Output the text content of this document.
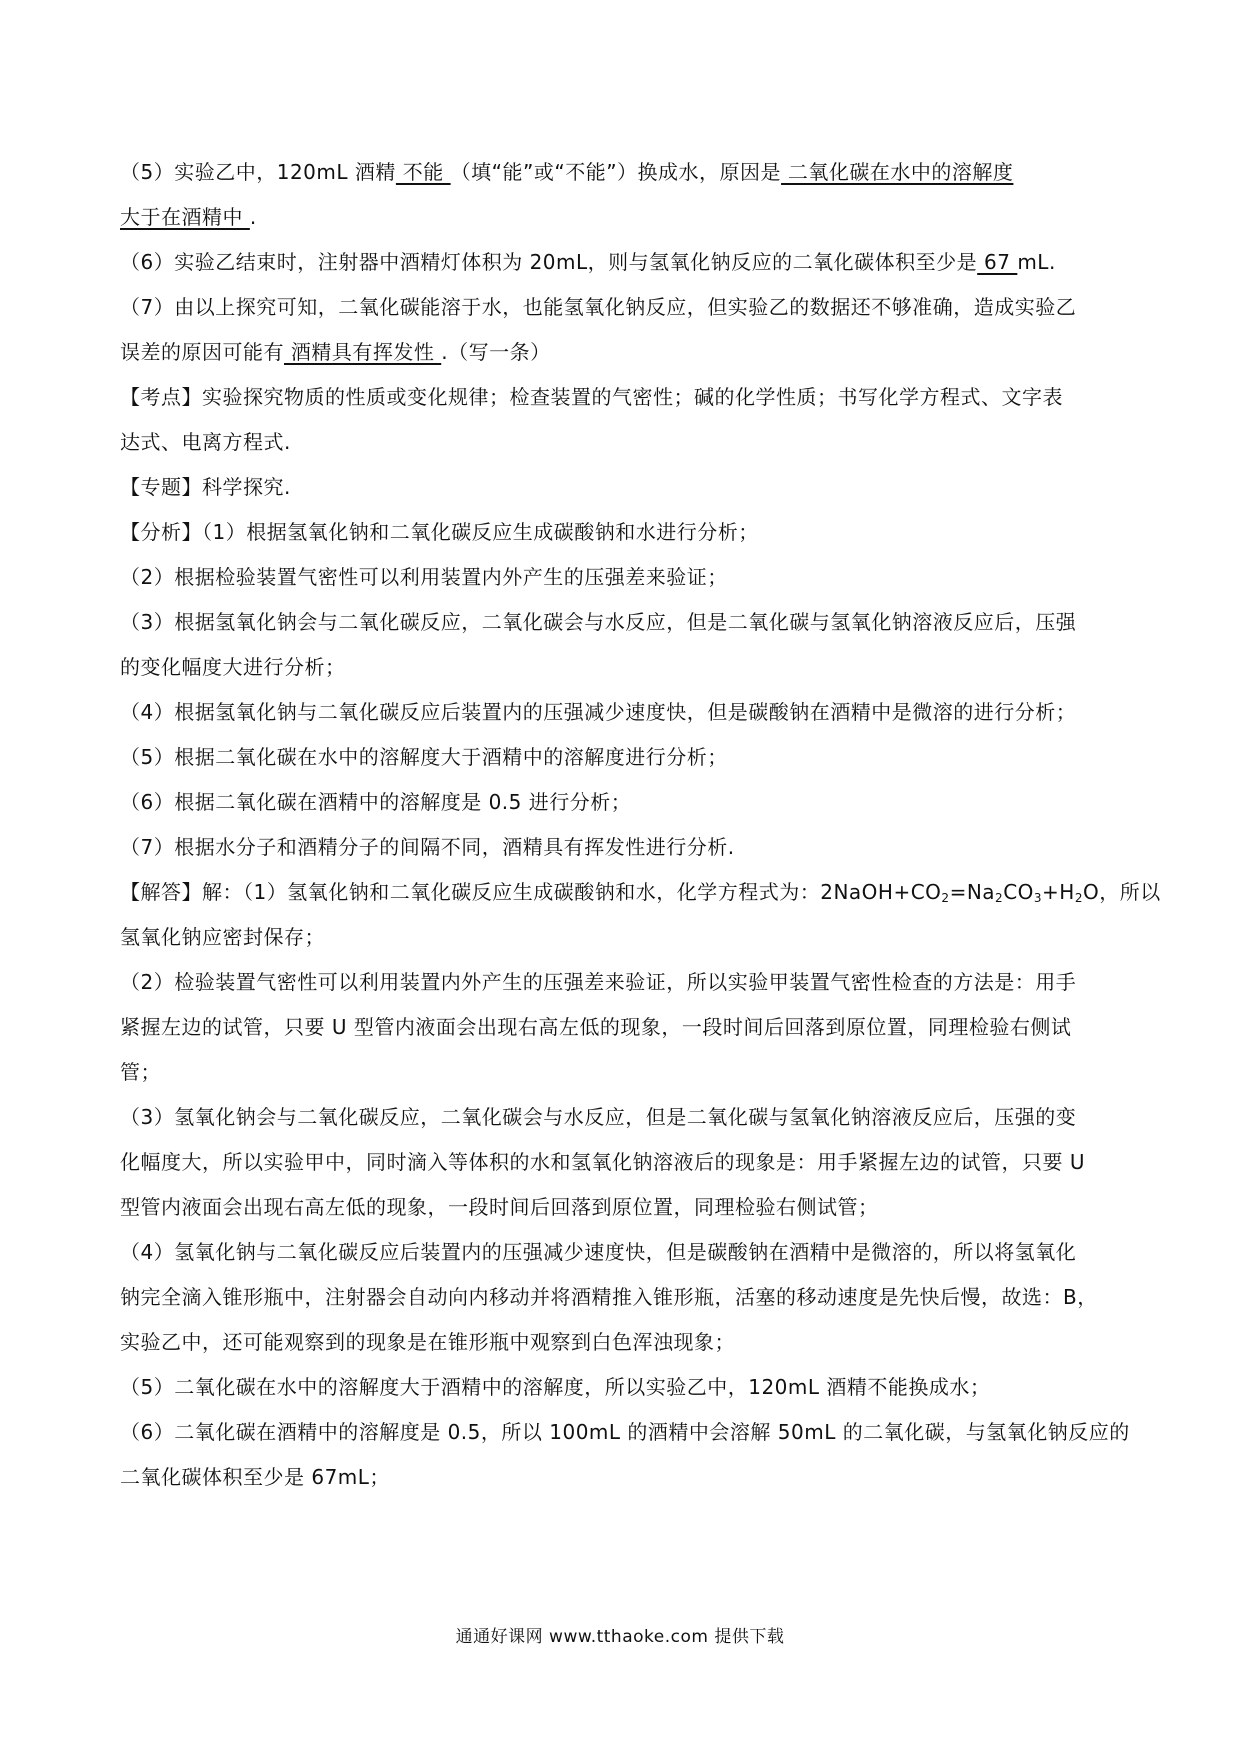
（5）实验乙中，120mL 酒精 不能 （填“能”或“不能”）换成水，原因是 二氧化碳在水中的溶解度
大于在酒精中 .
（6）实验乙结束时，注射器中酒精灯体积为 20mL，则与氢氧化钠反应的二氧化碳体积至少是 67 mL.
（7）由以上探究可知，二氧化碳能溶于水，也能氢氧化钠反应，但实验乙的数据还不够准确，造成实验乙
误差的原因可能有 酒精具有挥发性 .（写一条）
【考点】实验探究物质的性质或变化规律；检查装置的气密性；碱的化学性质；书写化学方程式、文字表
达式、电离方程式.
【专题】科学探究.
【分析】（1）根据氢氧化钠和二氧化碳反应生成碳酸钠和水进行分析；
（2）根据检验装置气密性可以利用装置内外产生的压强差来验证；
（3）根据氢氧化钠会与二氧化碳反应，二氧化碳会与水反应，但是二氧化碳与氢氧化钠溶液反应后，压强
的变化幅度大进行分析；
（4）根据氢氧化钠与二氧化碳反应后装置内的压强减少速度快，但是碳酸钠在酒精中是微溶的进行分析；
（5）根据二氧化碳在水中的溶解度大于酒精中的溶解度进行分析；
（6）根据二氧化碳在酒精中的溶解度是 0.5 进行分析；
（7）根据水分子和酒精分子的间隔不同，酒精具有挥发性进行分析.
【解答】解：（1）氢氧化钠和二氧化碳反应生成碳酸钠和水，化学方程式为：$2NaOH+CO_2=Na_2CO_3+H_2O$，所以
氢氧化钠应密封保存；
（2）检验装置气密性可以利用装置内外产生的压强差来验证，所以实验甲装置气密性检查的方法是：用手
紧握左边的试管，只要 U 型管内液面会出现右高左低的现象，一段时间后回落到原位置，同理检验右侧试
管；
（3）氢氧化钠会与二氧化碳反应，二氧化碳会与水反应，但是二氧化碳与氢氧化钠溶液反应后，压强的变
化幅度大，所以实验甲中，同时滴入等体积的水和氢氧化钠溶液后的现象是：用手紧握左边的试管，只要 U
型管内液面会出现右高左低的现象，一段时间后回落到原位置，同理检验右侧试管；
（4）氢氧化钠与二氧化碳反应后装置内的压强减少速度快，但是碳酸钠在酒精中是微溶的，所以将氢氧化
钠完全滴入锥形瓶中，注射器会自动向内移动并将酒精推入锥形瓶，活塞的移动速度是先快后慢，故选：B，
实验乙中，还可能观察到的现象是在锥形瓶中观察到白色浑浊现象；
（5）二氧化碳在水中的溶解度大于酒精中的溶解度，所以实验乙中，120mL 酒精不能换成水；
（6）二氧化碳在酒精中的溶解度是 0.5，所以 100mL 的酒精中会溶解 50mL 的二氧化碳，与氢氧化钠反应的
二氧化碳体积至少是 67mL；
通通好课网 www.tthaoke.com 提供下载
